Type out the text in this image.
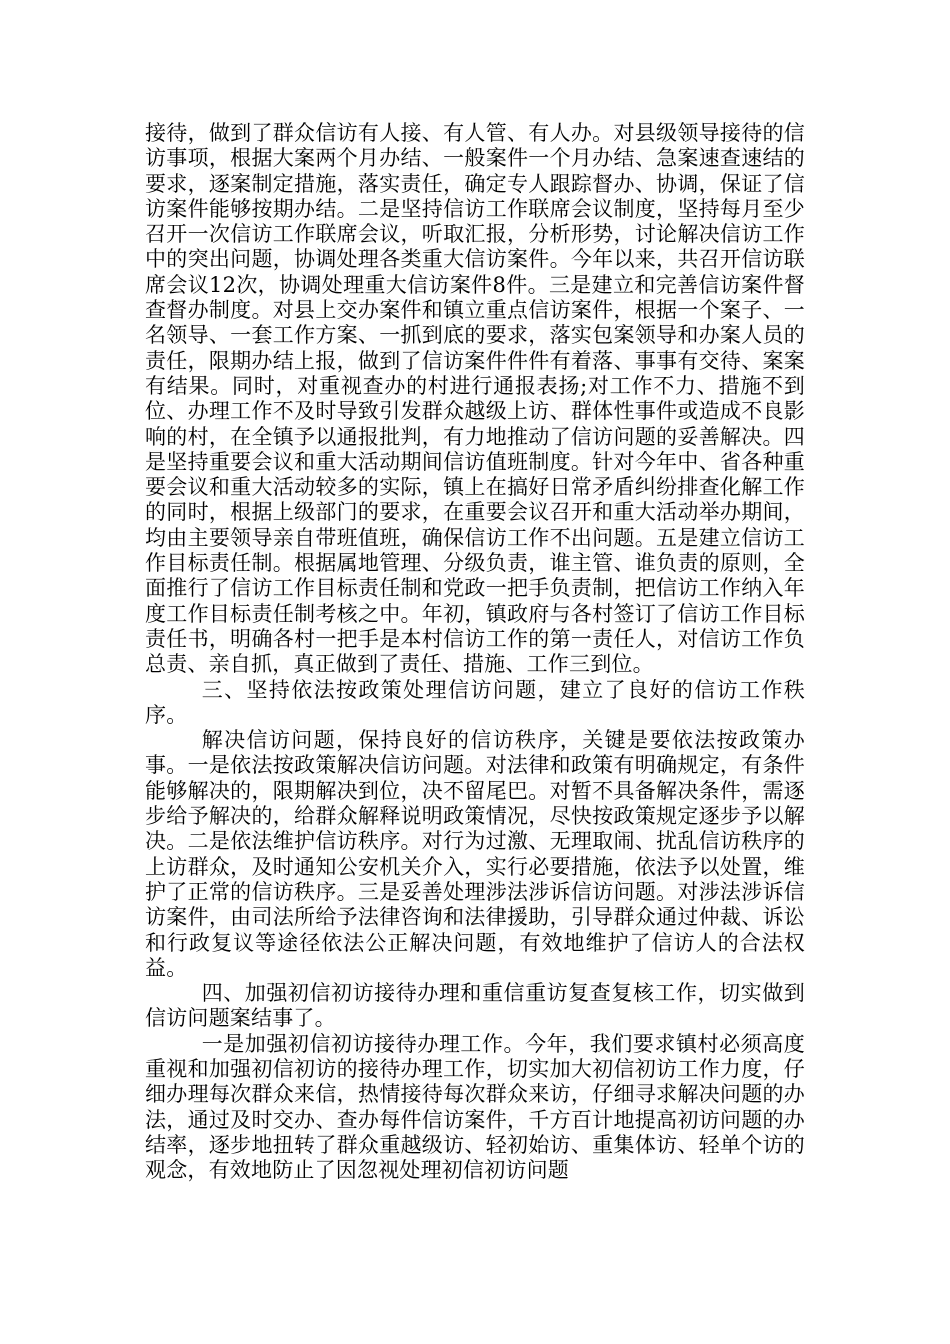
接待，做到了群众信访有人接、有人管、有人办。对县级领导接待的信访事项，根据大案两个月办结、一般案件一个月办结、急案速查速结的要求，逐案制定措施，落实责任，确定专人跟踪督办、协调，保证了信访案件能够按期办结。二是坚持信访工作联席会议制度，坚持每月至少召开一次信访工作联席会议，听取汇报，分析形势，讨论解决信访工作中的突出问题，协调处理各类重大信访案件。今年以来，共召开信访联席会议12次，协调处理重大信访案件8件。三是建立和完善信访案件督查督办制度。对县上交办案件和镇立重点信访案件，根据一个案子、一名领导、一套工作方案、一抓到底的要求，落实包案领导和办案人员的责任，限期办结上报，做到了信访案件件件有着落、事事有交待、案案有结果。同时，对重视查办的村进行通报表扬;对工作不力、措施不到位、办理工作不及时导致引发群众越级上访、群体性事件或造成不良影响的村，在全镇予以通报批判，有力地推动了信访问题的妥善解决。四是坚持重要会议和重大活动期间信访值班制度。针对今年中、省各种重要会议和重大活动较多的实际，镇上在搞好日常矛盾纠纷排查化解工作的同时，根据上级部门的要求，在重要会议召开和重大活动举办期间，均由主要领导亲自带班值班，确保信访工作不出问题。五是建立信访工作目标责任制。根据属地管理、分级负责，谁主管、谁负责的原则，全面推行了信访工作目标责任制和党政一把手负责制，把信访工作纳入年度工作目标责任制考核之中。年初，镇政府与各村签订了信访工作目标责任书，明确各村一把手是本村信访工作的第一责任人，对信访工作负总责、亲自抓，真正做到了责任、措施、工作三到位。

三、坚持依法按政策处理信访问题，建立了良好的信访工作秩序。

解决信访问题，保持良好的信访秩序，关键是要依法按政策办事。一是依法按政策解决信访问题。对法律和政策有明确规定，有条件能够解决的，限期解决到位，决不留尾巴。对暂不具备解决条件，需逐步给予解决的，给群众解释说明政策情况，尽快按政策规定逐步予以解决。二是依法维护信访秩序。对行为过激、无理取闹、扰乱信访秩序的上访群众，及时通知公安机关介入，实行必要措施，依法予以处置，维护了正常的信访秩序。三是妥善处理涉法涉诉信访问题。对涉法涉诉信访案件，由司法所给予法律咨询和法律援助，引导群众通过仲裁、诉讼和行政复议等途径依法公正解决问题，有效地维护了信访人的合法权益。

四、加强初信初访接待办理和重信重访复查复核工作，切实做到信访问题案结事了。

一是加强初信初访接待办理工作。今年，我们要求镇村必须高度重视和加强初信初访的接待办理工作，切实加大初信初访工作力度，仔细办理每次群众来信，热情接待每次群众来访，仔细寻求解决问题的办法，通过及时交办、查办每件信访案件，千方百计地提高初访问题的办结率，逐步地扭转了群众重越级访、轻初始访、重集体访、轻单个访的观念，有效地防止了因忽视处理初信初访问题
